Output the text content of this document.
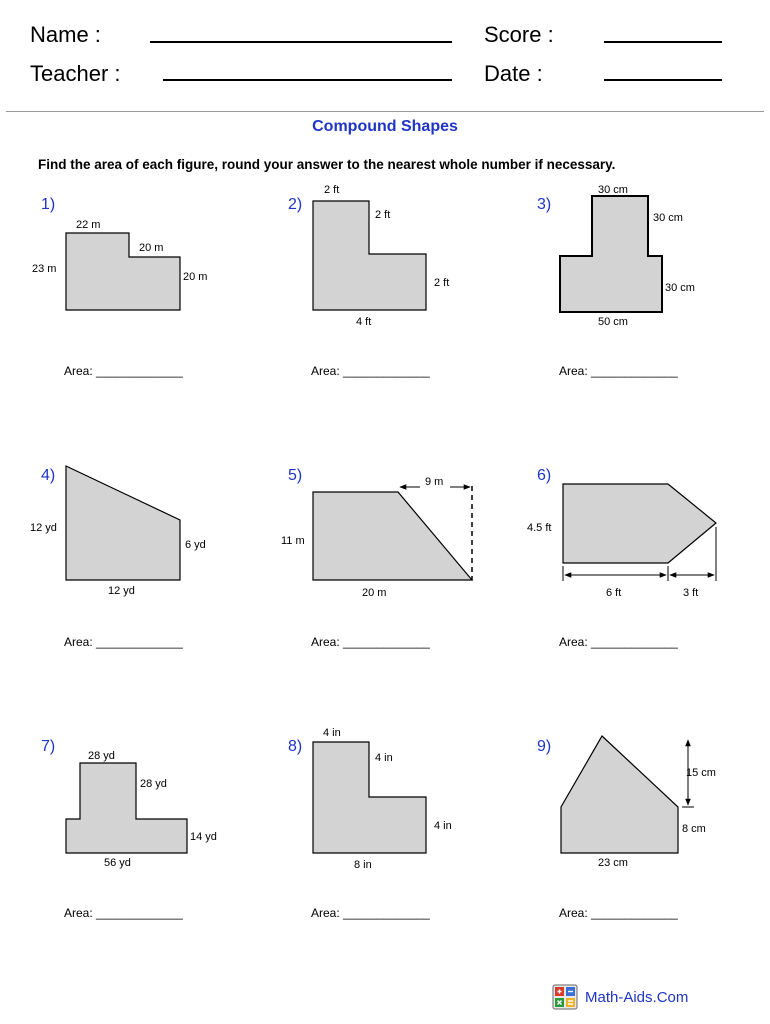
Name :
Teacher :
Score :
Date :
Compound Shapes
Find the area of each figure, round your answer to the nearest whole number if necessary.
1)	2)	3)
4)	5)	6)
7)	8)	9)
22 m
20 m
23 m
20 m
2 ft
2 ft
2 ft
4 ft
30 cm
30 cm
30 cm
50 cm
12 yd
6 yd
12 yd
9 m
11 m
20 m
4.5 ft
6 ft	3 ft
28 yd
28 yd
14 yd
56 yd
4 in
4 in
4 in
8 in
15 cm
8 cm
23 cm
Area: _____________	Area: _____________	Area: _____________
Area: _____________	Area: _____________	Area: _____________
Area: _____________	Area: _____________	Area: _____________
Math-Aids.Com
